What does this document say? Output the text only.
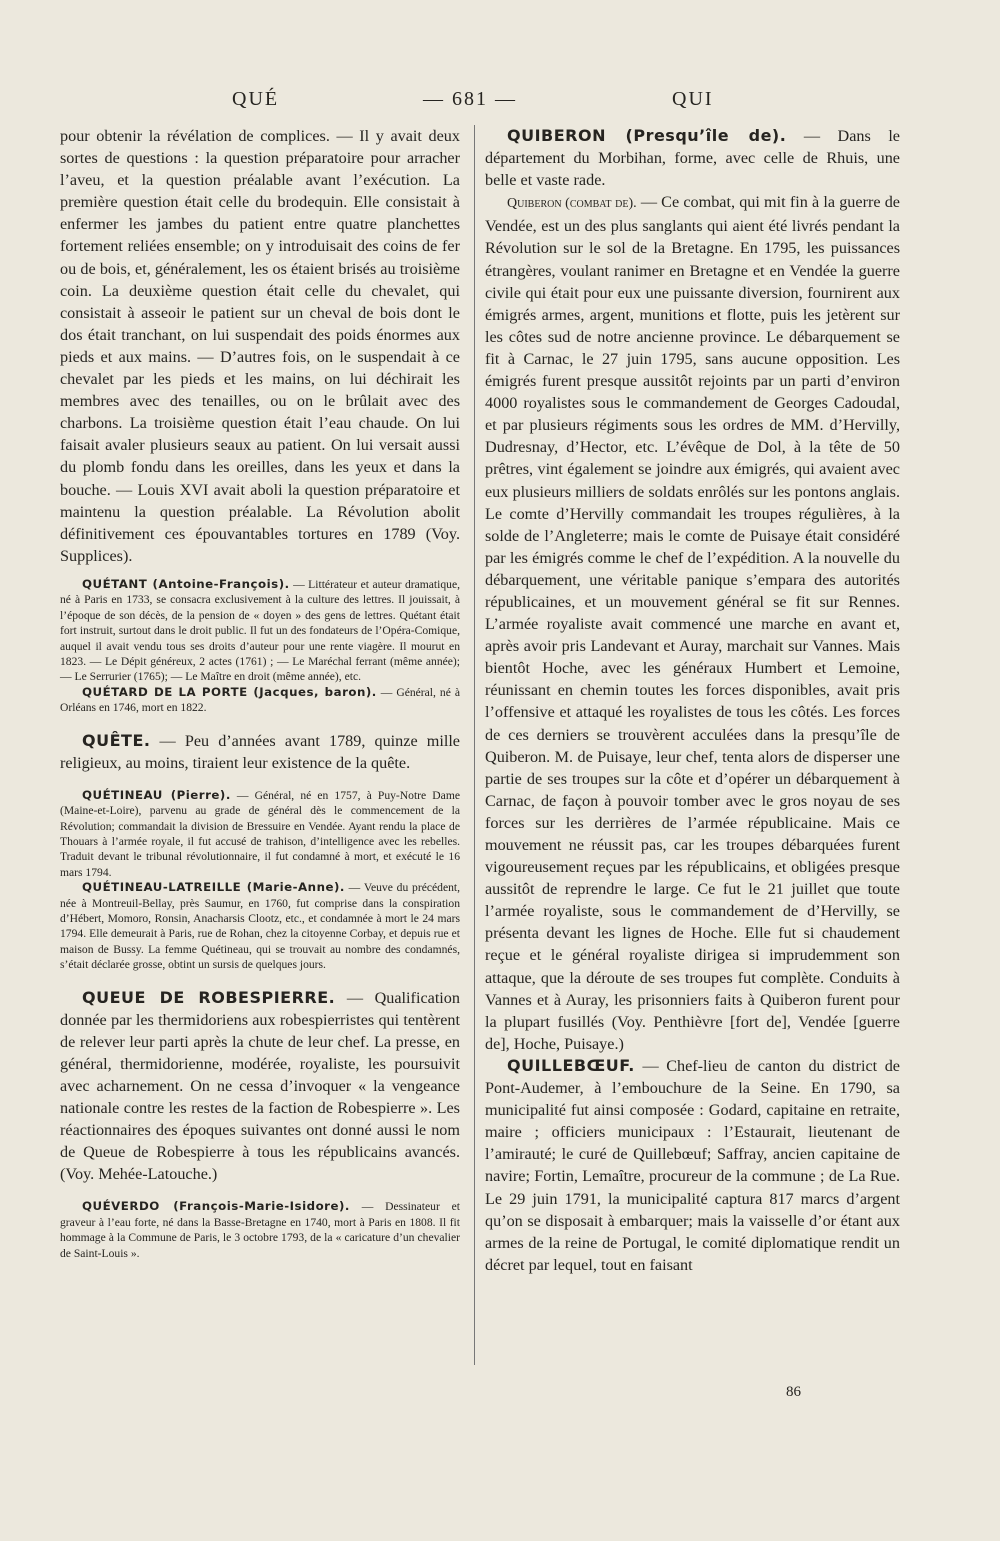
QUÉ	— 681 —	QUI

pour obtenir la révélation de complices. — Il y avait deux sortes de questions : la question préparatoire pour arracher l’aveu, et la question préalable avant l’exécution. La première question était celle du brodequin. Elle consistait à enfermer les jambes du patient entre quatre planchettes fortement reliées ensemble; on y introduisait des coins de fer ou de bois, et, généralement, les os étaient brisés au troisième coin. La deuxième question était celle du chevalet, qui consistait à asseoir le patient sur un cheval de bois dont le dos était tranchant, on lui suspendait des poids énormes aux pieds et aux mains. — D’autres fois, on le suspendait à ce chevalet par les pieds et les mains, on lui déchirait les membres avec des tenailles, ou on le brûlait avec des charbons. La troisième question était l’eau chaude. On lui faisait avaler plusieurs seaux au patient. On lui versait aussi du plomb fondu dans les oreilles, dans les yeux et dans la bouche. — Louis XVI avait aboli la question préparatoire et maintenu la question préalable. La Révolution abolit définitivement ces épouvantables tortures en 1789 (Voy. Supplices).

QUÉTANT (Antoine-François). — Littérateur et auteur dramatique, né à Paris en 1733, se consacra exclusivement à la culture des lettres. Il jouissait, à l’époque de son décès, de la pension de « doyen » des gens de lettres. Quétant était fort instruit, surtout dans le droit public. Il fut un des fondateurs de l’Opéra-Comique, auquel il avait vendu tous ses droits d’auteur pour une rente viagère. Il mourut en 1823. — Le Dépit généreux, 2 actes (1761) ; — Le Maréchal ferrant (même année); — Le Serrurier (1765); — Le Maître en droit (même année), etc.

QUÉTARD DE LA PORTE (Jacques, baron). — Général, né à Orléans en 1746, mort en 1822.

QUÊTE. — Peu d’années avant 1789, quinze mille religieux, au moins, tiraient leur existence de la quête.

QUÉTINEAU (Pierre). — Général, né en 1757, à Puy-Notre Dame (Maine-et-Loire), parvenu au grade de général dès le commencement de la Révolution; commandait la division de Bressuire en Vendée. Ayant rendu la place de Thouars à l’armée royale, il fut accusé de trahison, d’intelligence avec les rebelles. Traduit devant le tribunal révolutionnaire, il fut condamné à mort, et exécuté le 16 mars 1794.

QUÉTINEAU-LATREILLE (Marie-Anne). — Veuve du précédent, née à Montreuil-Bellay, près Saumur, en 1760, fut comprise dans la conspiration d’Hébert, Momoro, Ronsin, Anacharsis Clootz, etc., et condamnée à mort le 24 mars 1794. Elle demeurait à Paris, rue de Rohan, chez la citoyenne Corbay, et depuis rue et maison de Bussy. La femme Quétineau, qui se trouvait au nombre des condamnés, s’était déclarée grosse, obtint un sursis de quelques jours.

QUEUE DE ROBESPIERRE. — Qualification donnée par les thermidoriens aux robespierristes qui tentèrent de relever leur parti après la chute de leur chef. La presse, en général, thermidorienne, modérée, royaliste, les poursuivit avec acharnement. On ne cessa d’invoquer « la vengeance nationale contre les restes de la faction de Robespierre ». Les réactionnaires des époques suivantes ont donné aussi le nom de Queue de Robespierre à tous les républicains avancés. (Voy. Mehée-Latouche.)

QUÉVERDO (François-Marie-Isidore). — Dessinateur et graveur à l’eau forte, né dans la Basse-Bretagne en 1740, mort à Paris en 1808. Il fit hommage à la Commune de Paris, le 3 octobre 1793, de la « caricature d’un chevalier de Saint-Louis ».

QUIBERON (Presqu’île de). — Dans le département du Morbihan, forme, avec celle de Rhuis, une belle et vaste rade.

Quiberon (combat de). — Ce combat, qui mit fin à la guerre de Vendée, est un des plus sanglants qui aient été livrés pendant la Révolution sur le sol de la Bretagne. En 1795, les puissances étrangères, voulant ranimer en Bretagne et en Vendée la guerre civile qui était pour eux une puissante diversion, fournirent aux émigrés armes, argent, munitions et flotte, puis les jetèrent sur les côtes sud de notre ancienne province. Le débarquement se fit à Carnac, le 27 juin 1795, sans aucune opposition. Les émigrés furent presque aussitôt rejoints par un parti d’environ 4000 royalistes sous le commandement de Georges Cadoudal, et par plusieurs régiments sous les ordres de MM. d’Hervilly, Dudresnay, d’Hector, etc. L’évêque de Dol, à la tête de 50 prêtres, vint également se joindre aux émigrés, qui avaient avec eux plusieurs milliers de soldats enrôlés sur les pontons anglais. Le comte d’Hervilly commandait les troupes régulières, à la solde de l’Angleterre; mais le comte de Puisaye était considéré par les émigrés comme le chef de l’expédition. A la nouvelle du débarquement, une véritable panique s’empara des autorités républicaines, et un mouvement général se fit sur Rennes. L’armée royaliste avait commencé une marche en avant et, après avoir pris Landevant et Auray, marchait sur Vannes. Mais bientôt Hoche, avec les généraux Humbert et Lemoine, réunissant en chemin toutes les forces disponibles, avait pris l’offensive et attaqué les royalistes de tous les côtés. Les forces de ces derniers se trouvèrent acculées dans la presqu’île de Quiberon. M. de Puisaye, leur chef, tenta alors de disperser une partie de ses troupes sur la côte et d’opérer un débarquement à Carnac, de façon à pouvoir tomber avec le gros noyau de ses forces sur les derrières de l’armée républicaine. Mais ce mouvement ne réussit pas, car les troupes débarquées furent vigoureusement reçues par les républicains, et obligées presque aussitôt de reprendre le large. Ce fut le 21 juillet que toute l’armée royaliste, sous le commandement de d’Hervilly, se présenta devant les lignes de Hoche. Elle fut si chaudement reçue et le général royaliste dirigea si imprudemment son attaque, que la déroute de ses troupes fut complète. Conduits à Vannes et à Auray, les prisonniers faits à Quiberon furent pour la plupart fusillés (Voy. Penthièvre [fort de], Vendée [guerre de], Hoche, Puisaye.)

QUILLEBŒUF. — Chef-lieu de canton du district de Pont-Audemer, à l’embouchure de la Seine. En 1790, sa municipalité fut ainsi composée : Godard, capitaine en retraite, maire ; officiers municipaux : l’Estaurait, lieutenant de l’amirauté; le curé de Quillebœuf; Saffray, ancien capitaine de navire; Fortin, Lemaître, procureur de la commune ; de La Rue. Le 29 juin 1791, la municipalité captura 817 marcs d’argent qu’on se disposait à embarquer; mais la vaisselle d’or étant aux armes de la reine de Portugal, le comité diplomatique rendit un décret par lequel, tout en faisant

86
